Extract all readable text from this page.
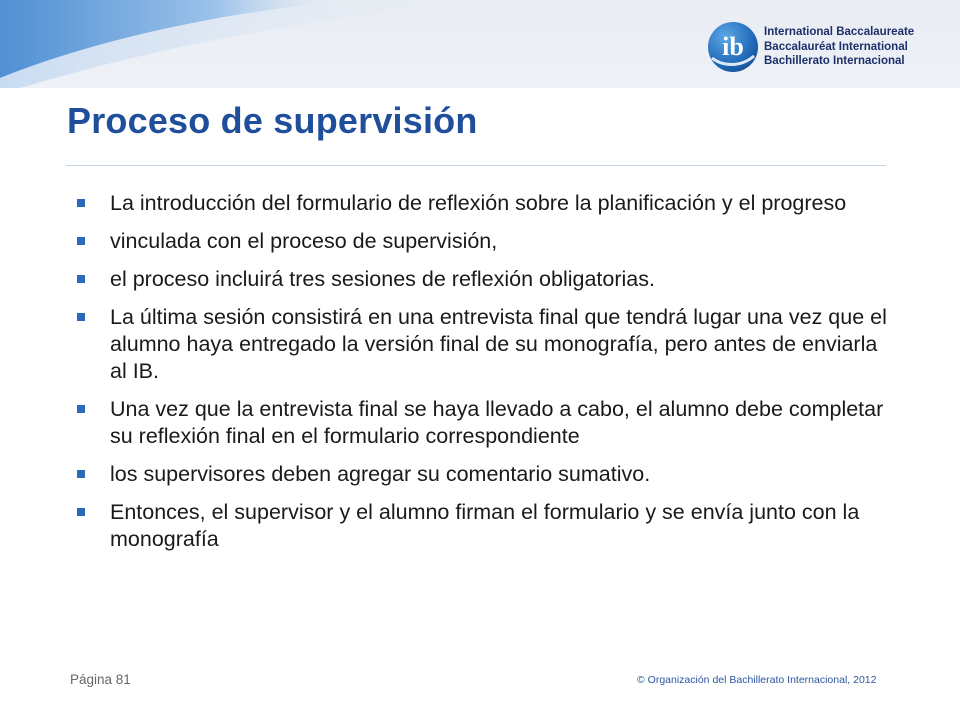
ib International Baccalaureate
Baccalauréat International
Bachillerato Internacional
Proceso de supervisión
La introducción del formulario de reflexión sobre la planificación y el progreso
vinculada con el proceso de supervisión,
el proceso incluirá tres sesiones de reflexión obligatorias.
La última sesión consistirá en una entrevista final que tendrá lugar una vez que el alumno haya entregado la versión final de su monografía, pero antes de enviarla al IB.
Una vez que la entrevista final se haya llevado a cabo, el alumno debe completar su reflexión final en el formulario correspondiente
los supervisores deben agregar su comentario sumativo.
Entonces, el supervisor y el alumno firman el formulario y se envía junto con la monografía
Página 81	© Organización del Bachillerato Internacional, 2012
